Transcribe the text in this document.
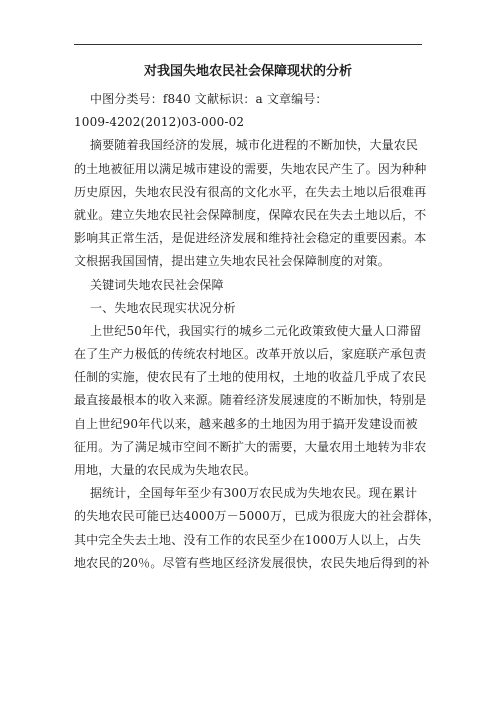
对我国失地农民社会保障现状的分析
中图分类号：f840 文献标识：a 文章编号：
1009-4202(2012)03-000-02
摘要随着我国经济的发展，城市化进程的不断加快，大量农民
的土地被征用以满足城市建设的需要，失地农民产生了。因为种种
历史原因，失地农民没有很高的文化水平，在失去土地以后很难再
就业。建立失地农民社会保障制度，保障农民在失去土地以后，不
影响其正常生活，是促进经济发展和维持社会稳定的重要因素。本
文根据我国国情，提出建立失地农民社会保障制度的对策。
关键词失地农民社会保障
一、失地农民现实状况分析
上世纪50年代，我国实行的城乡二元化政策致使大量人口滞留
在了生产力极低的传统农村地区。改革开放以后，家庭联产承包责
任制的实施，使农民有了土地的使用权，土地的收益几乎成了农民
最直接最根本的收入来源。随着经济发展速度的不断加快，特别是
自上世纪90年代以来，越来越多的土地因为用于搞开发建设而被
征用。为了满足城市空间不断扩大的需要，大量农用土地转为非农
用地，大量的农民成为失地农民。
据统计，全国每年至少有300万农民成为失地农民。现在累计
的失地农民可能已达4000万－5000万，已成为很庞大的社会群体，
其中完全失去土地、没有工作的农民至少在1000万人以上，占失
地农民的20％。尽管有些地区经济发展很快，农民失地后得到的补
